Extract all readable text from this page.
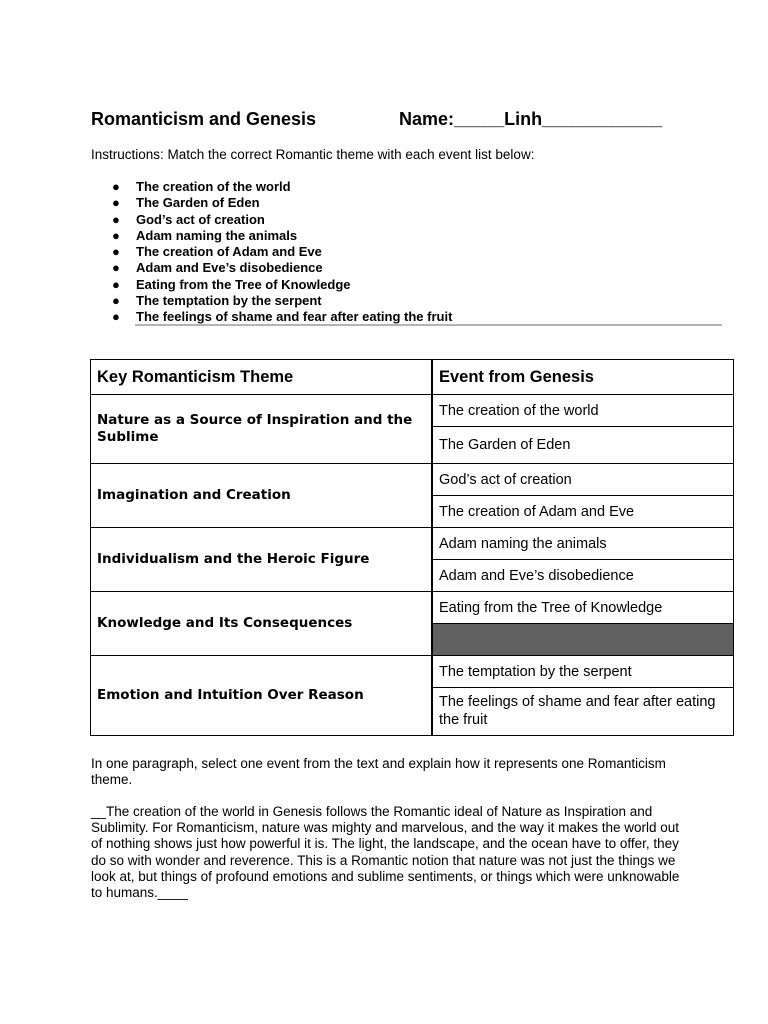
Romanticism and Genesis	Name:_____Linh____________
Instructions: Match the correct Romantic theme with each event list below:
● The creation of the world
● The Garden of Eden
● God’s act of creation
● Adam naming the animals
● The creation of Adam and Eve
● Adam and Eve’s disobedience
● Eating from the Tree of Knowledge
● The temptation by the serpent
● The feelings of shame and fear after eating the fruit
Key Romanticism Theme	Event from Genesis
Nature as a Source of Inspiration and the Sublime	The creation of the world
	The Garden of Eden
Imagination and Creation	God’s act of creation
	The creation of Adam and Eve
Individualism and the Heroic Figure	Adam naming the animals
	Adam and Eve’s disobedience
Knowledge and Its Consequences	Eating from the Tree of Knowledge

Emotion and Intuition Over Reason	The temptation by the serpent
	The feelings of shame and fear after eating the fruit
In one paragraph, select one event from the text and explain how it represents one Romanticism theme.
__The creation of the world in Genesis follows the Romantic ideal of Nature as Inspiration and Sublimity. For Romanticism, nature was mighty and marvelous, and the way it makes the world out of nothing shows just how powerful it is. The light, the landscape, and the ocean have to offer, they do so with wonder and reverence. This is a Romantic notion that nature was not just the things we look at, but things of profound emotions and sublime sentiments, or things which were unknowable to humans.____
